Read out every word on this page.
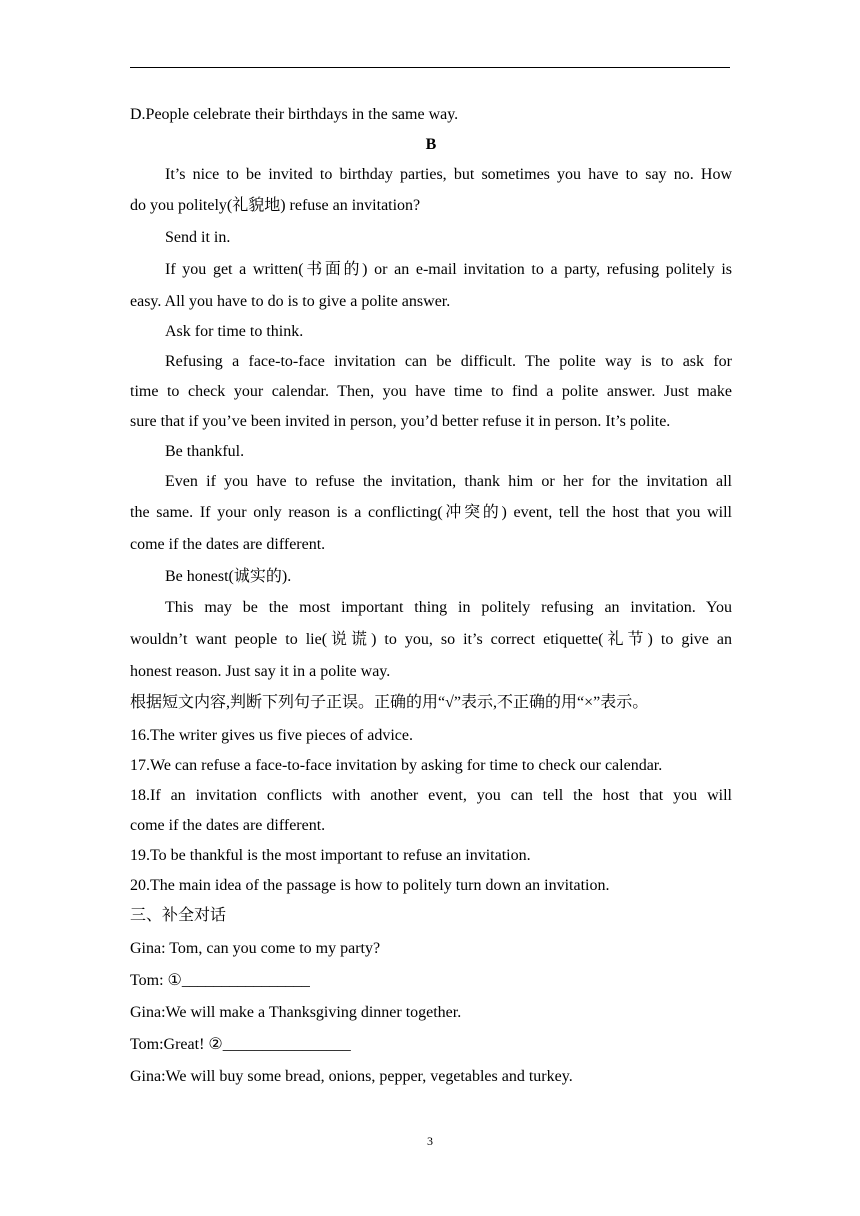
D.People celebrate their birthdays in the same way.
B
It’s nice to be invited to birthday parties, but sometimes you have to say no. How
do you politely(礼貌地) refuse an invitation?
Send it in.
If you get a written(书面的) or an e-mail invitation to a party, refusing politely is
easy. All you have to do is to give a polite answer.
Ask for time to think.
Refusing a face-to-face invitation can be difficult. The polite way is to ask for
time to check your calendar. Then, you have time to find a polite answer. Just make
sure that if you’ve been invited in person, you’d better refuse it in person. It’s polite.
Be thankful.
Even if you have to refuse the invitation, thank him or her for the invitation all
the same. If your only reason is a conflicting(冲突的) event, tell the host that you will
come if the dates are different.
Be honest(诚实的).
This may be the most important thing in politely refusing an invitation. You
wouldn’t want people to lie(说谎) to you, so it’s correct etiquette(礼节) to give an
honest reason. Just say it in a polite way.
根据短文内容,判断下列句子正误。正确的用“√”表示,不正确的用“×”表示。
16.The writer gives us five pieces of advice.
17.We can refuse a face-to-face invitation by asking for time to check our calendar.
18.If an invitation conflicts with another event, you can tell the host that you will
come if the dates are different.
19.To be thankful is the most important to refuse an invitation.
20.The main idea of the passage is how to politely turn down an invitation.
三、补全对话
Gina: Tom, can you come to my party?
Tom: ①________________
Gina:We will make a Thanksgiving dinner together.
Tom:Great! ②________________
Gina:We will buy some bread, onions, pepper, vegetables and turkey.
3
